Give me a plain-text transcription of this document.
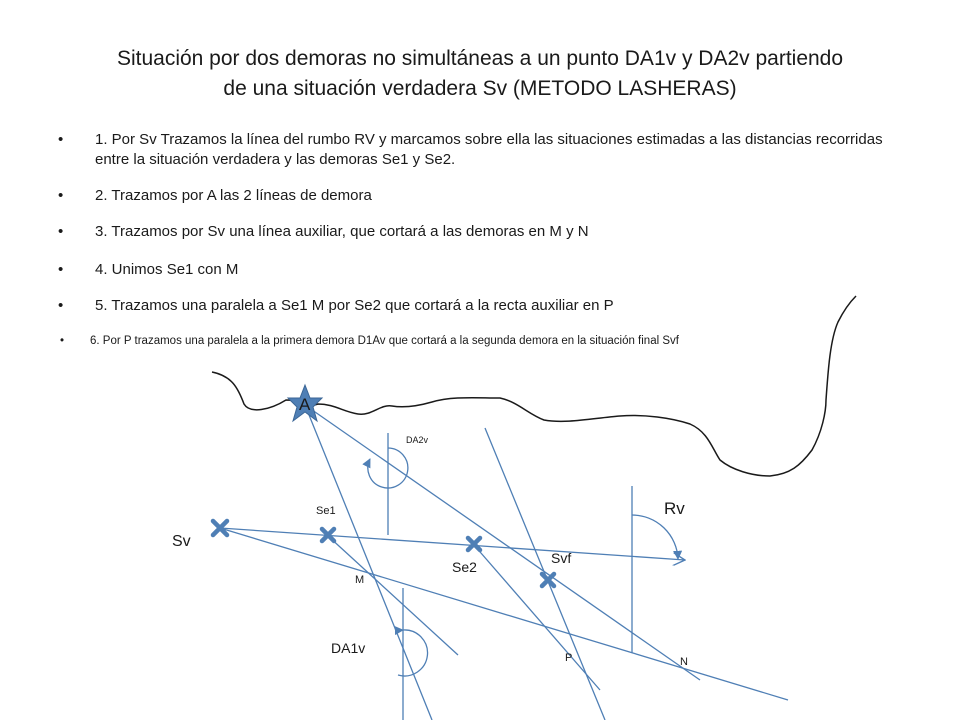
Situación por dos demoras no simultáneas a un punto DA1v y DA2v partiendo
de una situación verdadera Sv (METODO LASHERAS)
• 1. Por Sv Trazamos la línea del rumbo RV y marcamos sobre ella las situaciones estimadas a las distancias recorridas entre la situación verdadera y las demoras Se1 y Se2.
• 2. Trazamos por A las 2 líneas de demora
• 3. Trazamos por Sv una línea auxiliar, que cortará a las demoras en M y N
• 4. Unimos Se1 con M
• 5. Trazamos una paralela a Se1 M por Se2 que cortará a la recta auxiliar en P
• 6. Por P trazamos una paralela a la primera demora D1Av que cortará a la segunda demora en la situación final Svf
A
Sv
Se1
Se2
Svf
Rv
M
P	N
DA1v
DA2v
